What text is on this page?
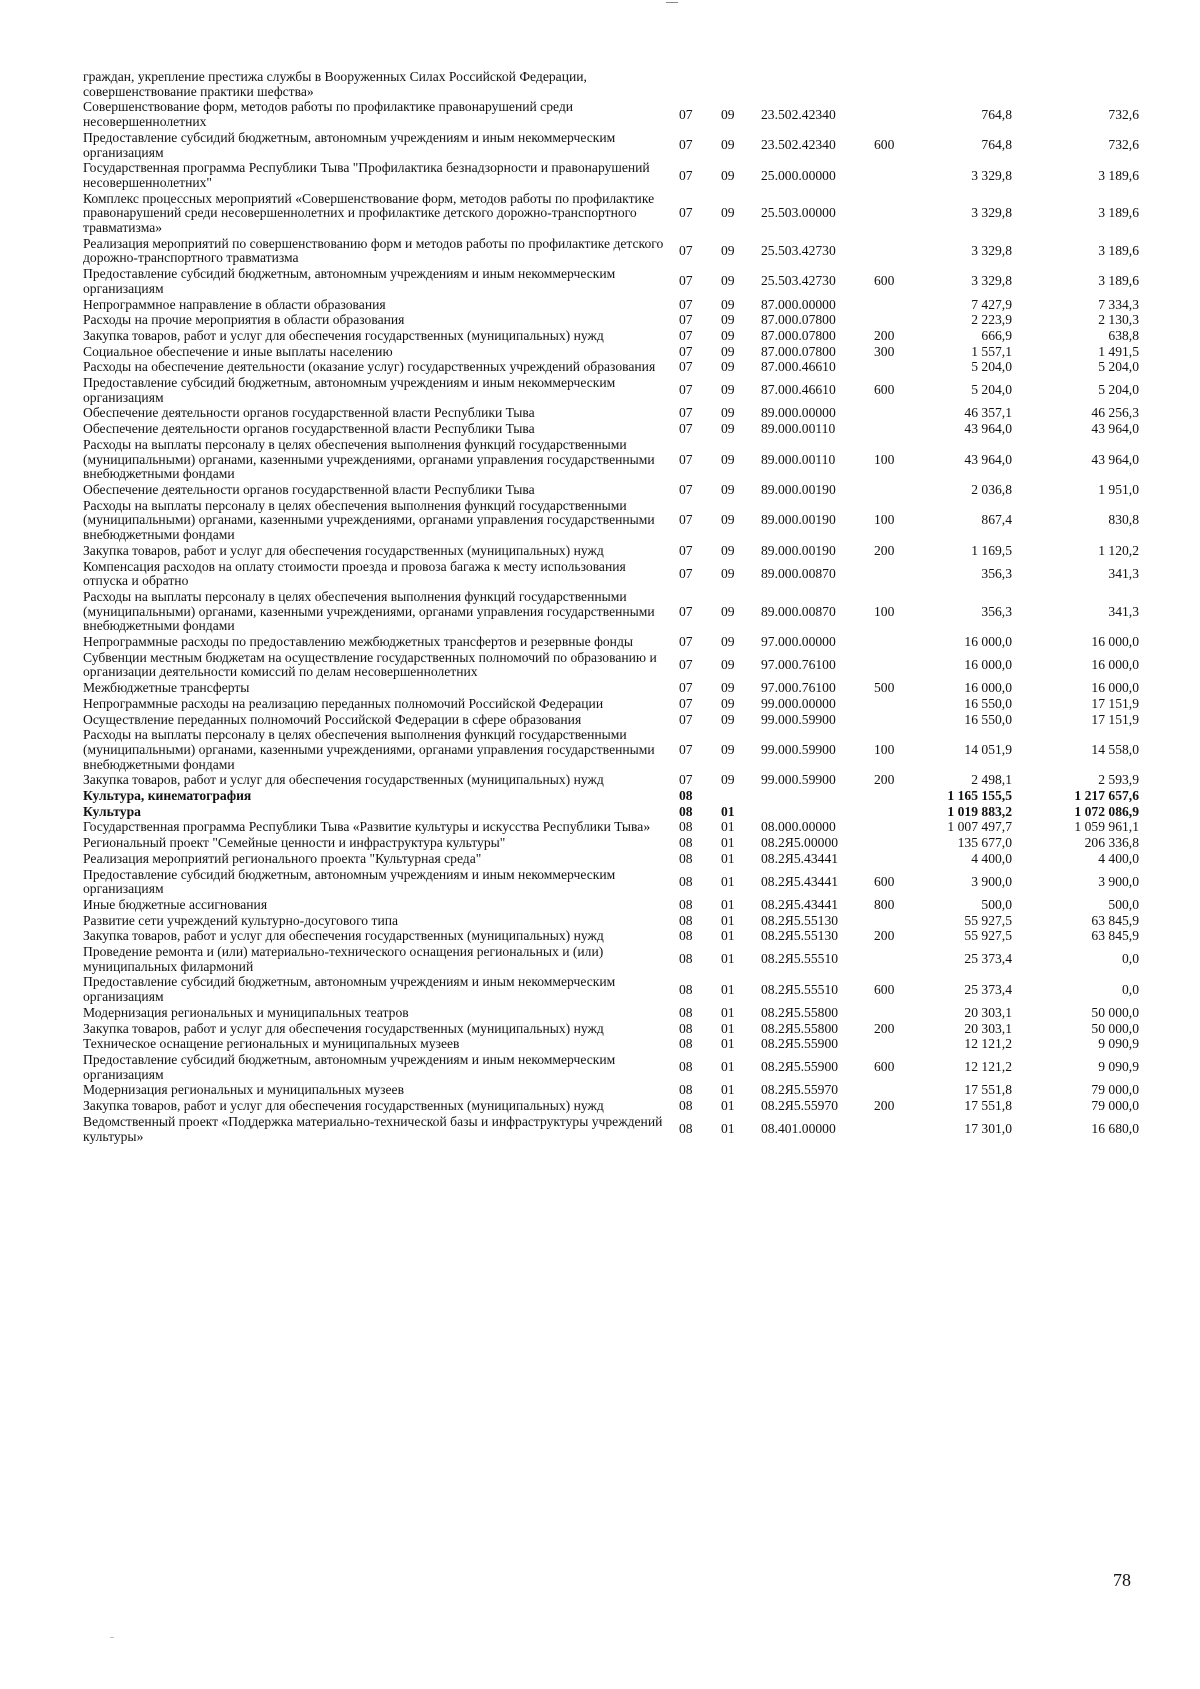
граждан, укрепление престижа службы в Вооруженных Силах Российской Федерации, совершенствование практики шефства»						
Совершенствование форм, методов работы по профилактике правонарушений среди несовершеннолетних	07	09	23.502.42340		764,8	732,6
Предоставление субсидий бюджетным, автономным учреждениям и иным некоммерческим организациям	07	09	23.502.42340	600	764,8	732,6
Государственная программа Республики Тыва "Профилактика безнадзорности и правонарушений несовершеннолетних"	07	09	25.000.00000		3 329,8	3 189,6
Комплекс процессных мероприятий «Совершенствование форм, методов работы по профилактике правонарушений среди несовершеннолетних и профилактике детского дорожно-транспортного травматизма»	07	09	25.503.00000		3 329,8	3 189,6
Реализация мероприятий по совершенствованию форм и методов работы по профилактике детского дорожно-транспортного травматизма	07	09	25.503.42730		3 329,8	3 189,6
Предоставление субсидий бюджетным, автономным учреждениям и иным некоммерческим организациям	07	09	25.503.42730	600	3 329,8	3 189,6
Непрограммное направление в области образования	07	09	87.000.00000		7 427,9	7 334,3
Расходы на прочие мероприятия в области образования	07	09	87.000.07800		2 223,9	2 130,3
Закупка товаров, работ и услуг для обеспечения государственных (муниципальных) нужд	07	09	87.000.07800	200	666,9	638,8
Социальное обеспечение и иные выплаты населению	07	09	87.000.07800	300	1 557,1	1 491,5
Расходы на обеспечение деятельности (оказание услуг) государственных учреждений образования	07	09	87.000.46610		5 204,0	5 204,0
Предоставление субсидий бюджетным, автономным учреждениям и иным некоммерческим организациям	07	09	87.000.46610	600	5 204,0	5 204,0
Обеспечение деятельности органов государственной власти Республики Тыва	07	09	89.000.00000		46 357,1	46 256,3
Обеспечение деятельности органов государственной власти Республики Тыва	07	09	89.000.00110		43 964,0	43 964,0
Расходы на выплаты персоналу в целях обеспечения выполнения функций государственными (муниципальными) органами, казенными учреждениями, органами управления государственными внебюджетными фондами	07	09	89.000.00110	100	43 964,0	43 964,0
Обеспечение деятельности органов государственной власти Республики Тыва	07	09	89.000.00190		2 036,8	1 951,0
Расходы на выплаты персоналу в целях обеспечения выполнения функций государственными (муниципальными) органами, казенными учреждениями, органами управления государственными внебюджетными фондами	07	09	89.000.00190	100	867,4	830,8
Закупка товаров, работ и услуг для обеспечения государственных (муниципальных) нужд	07	09	89.000.00190	200	1 169,5	1 120,2
Компенсация расходов на оплату стоимости проезда и провоза багажа к месту использования отпуска и обратно	07	09	89.000.00870		356,3	341,3
Расходы на выплаты персоналу в целях обеспечения выполнения функций государственными (муниципальными) органами, казенными учреждениями, органами управления государственными внебюджетными фондами	07	09	89.000.00870	100	356,3	341,3
Непрограммные расходы по предоставлению межбюджетных трансфертов и резервные фонды	07	09	97.000.00000		16 000,0	16 000,0
Субвенции местным бюджетам на осуществление государственных полномочий по образованию и организации деятельности комиссий по делам несовершеннолетних	07	09	97.000.76100		16 000,0	16 000,0
Межбюджетные трансферты	07	09	97.000.76100	500	16 000,0	16 000,0
Непрограммные расходы на реализацию переданных полномочий Российской Федерации	07	09	99.000.00000		16 550,0	17 151,9
Осуществление переданных полномочий Российской Федерации в сфере образования	07	09	99.000.59900		16 550,0	17 151,9
Расходы на выплаты персоналу в целях обеспечения выполнения функций государственными (муниципальными) органами, казенными учреждениями, органами управления государственными внебюджетными фондами	07	09	99.000.59900	100	14 051,9	14 558,0
Закупка товаров, работ и услуг для обеспечения государственных (муниципальных) нужд	07	09	99.000.59900	200	2 498,1	2 593,9
Культура, кинематография	08				1 165 155,5	1 217 657,6
Культура	08	01			1 019 883,2	1 072 086,9
Государственная программа Республики Тыва «Развитие культуры и искусства Республики Тыва»	08	01	08.000.00000		1 007 497,7	1 059 961,1
Региональный проект "Семейные ценности и инфраструктура культуры"	08	01	08.2Я5.00000		135 677,0	206 336,8
Реализация мероприятий регионального проекта "Культурная среда"	08	01	08.2Я5.43441		4 400,0	4 400,0
Предоставление субсидий бюджетным, автономным учреждениям и иным некоммерческим организациям	08	01	08.2Я5.43441	600	3 900,0	3 900,0
Иные бюджетные ассигнования	08	01	08.2Я5.43441	800	500,0	500,0
Развитие сети учреждений культурно-досугового типа	08	01	08.2Я5.55130		55 927,5	63 845,9
Закупка товаров, работ и услуг для обеспечения государственных (муниципальных) нужд	08	01	08.2Я5.55130	200	55 927,5	63 845,9
Проведение ремонта и (или) материально-технического оснащения региональных и (или) муниципальных филармоний	08	01	08.2Я5.55510		25 373,4	0,0
Предоставление субсидий бюджетным, автономным учреждениям и иным некоммерческим организациям	08	01	08.2Я5.55510	600	25 373,4	0,0
Модернизация региональных и муниципальных театров	08	01	08.2Я5.55800		20 303,1	50 000,0
Закупка товаров, работ и услуг для обеспечения государственных (муниципальных) нужд	08	01	08.2Я5.55800	200	20 303,1	50 000,0
Техническое оснащение региональных и муниципальных музеев	08	01	08.2Я5.55900		12 121,2	9 090,9
Предоставление субсидий бюджетным, автономным учреждениям и иным некоммерческим организациям	08	01	08.2Я5.55900	600	12 121,2	9 090,9
Модернизация региональных и муниципальных музеев	08	01	08.2Я5.55970		17 551,8	79 000,0
Закупка товаров, работ и услуг для обеспечения государственных (муниципальных) нужд	08	01	08.2Я5.55970	200	17 551,8	79 000,0
Ведомственный проект «Поддержка материально-технической базы и инфраструктуры учреждений культуры»	08	01	08.401.00000		17 301,0	16 680,0
78
